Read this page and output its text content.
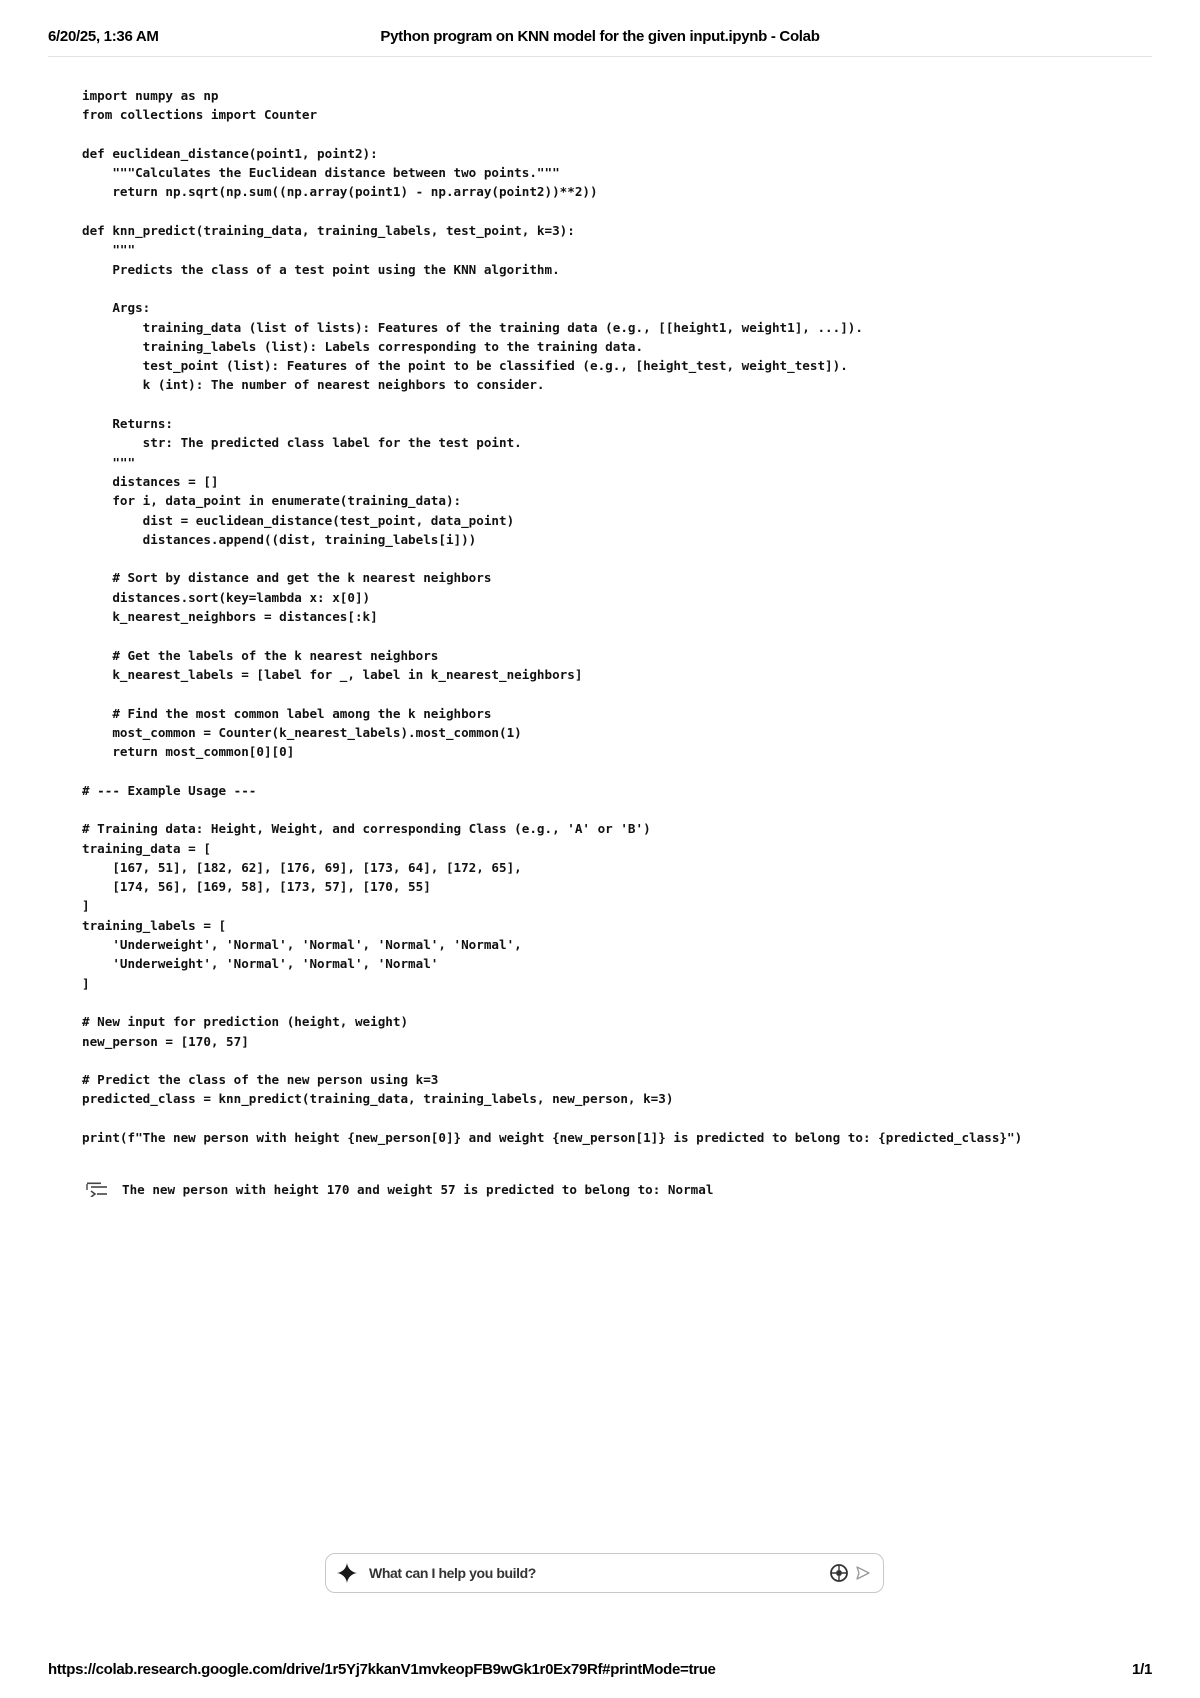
6/20/25, 1:36 AM	Python program on KNN model for the given input.ipynb - Colab
import numpy as np
from collections import Counter
def euclidean_distance(point1, point2):
"""Calculates the Euclidean distance between two points."""
return np.sqrt(np.sum((np.array(point1) - np.array(point2))**2))
def knn_predict(training_data, training_labels, test_point, k=3):
"""
Predicts the class of a test point using the KNN algorithm.
Args:
training_data (list of lists): Features of the training data (e.g., [[height1, weight1], ...]).
training_labels (list): Labels corresponding to the training data.
test_point (list): Features of the point to be classified (e.g., [height_test, weight_test]).
k (int): The number of nearest neighbors to consider.
Returns:
str: The predicted class label for the test point.
"""
distances = []
for i, data_point in enumerate(training_data):
dist = euclidean_distance(test_point, data_point)
distances.append((dist, training_labels[i]))
# Sort by distance and get the k nearest neighbors
distances.sort(key=lambda x: x[0])
k_nearest_neighbors = distances[:k]
# Get the labels of the k nearest neighbors
k_nearest_labels = [label for _, label in k_nearest_neighbors]
# Find the most common label among the k neighbors
most_common = Counter(k_nearest_labels).most_common(1)
return most_common[0][0]
# --- Example Usage ---
# Training data: Height, Weight, and corresponding Class (e.g., 'A' or 'B')
training_data = [
[167, 51], [182, 62], [176, 69], [173, 64], [172, 65],
[174, 56], [169, 58], [173, 57], [170, 55]
]
training_labels = [
'Underweight', 'Normal', 'Normal', 'Normal', 'Normal',
'Underweight', 'Normal', 'Normal', 'Normal'
]
# New input for prediction (height, weight)
new_person = [170, 57]
# Predict the class of the new person using k=3
predicted_class = knn_predict(training_data, training_labels, new_person, k=3)
print(f"The new person with height {new_person[0]} and weight {new_person[1]} is predicted to belong to: {predicted_class}")
The new person with height 170 and weight 57 is predicted to belong to: Normal
What can I help you build?
https://colab.research.google.com/drive/1r5Yj7kkanV1mvkeopFB9wGk1r0Ex79Rf#printMode=true	1/1
